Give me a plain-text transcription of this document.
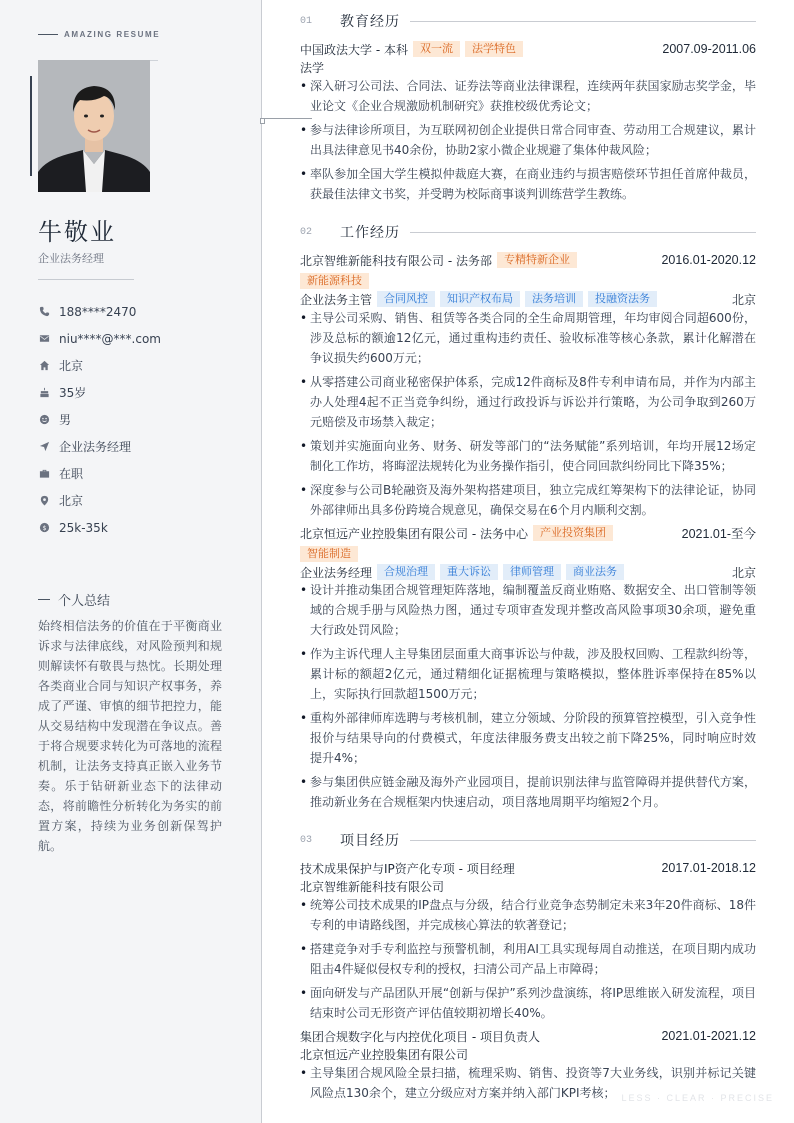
AMAZING RESUME
牛敬业
企业法务经理
188****2470
niu****@***.com
北京
35岁
男
企业法务经理
在职
北京
$ 25k-35k
个人总结

始终相信法务的价值在于平衡商业诉求与法律底线，对风险预判和规则解读怀有敬畏与热忱。长期处理各类商业合同与知识产权事务，养成了严谨、审慎的细节把控力，能从交易结构中发现潜在争议点。善于将合规要求转化为可落地的流程机制，让法务支持真正嵌入业务节奏。乐于钻研新业态下的法律动态，将前瞻性分析转化为务实的前置方案，持续为业务创新保驾护航。

01	教育经历
中国政法大学 - 本科	双一流	法学特色	2007.09-2011.06
法学
• 深入研习公司法、合同法、证券法等商业法律课程，连续两年获国家励志奖学金，毕业论文《企业合规激励机制研究》获推校级优秀论文；
• 参与法律诊所项目，为互联网初创企业提供日常合同审查、劳动用工合规建议，累计出具法律意见书40余份，协助2家小微企业规避了集体仲裁风险；
• 率队参加全国大学生模拟仲裁庭大赛，在商业违约与损害赔偿环节担任首席仲裁员，获最佳法律文书奖，并受聘为校际商事谈判训练营学生教练。
02	工作经历
北京智维新能科技有限公司 - 法务部	专精特新企业	2016.01-2020.12
新能源科技
企业法务主管	合同风控	知识产权布局	法务培训	投融资法务	北京
• 主导公司采购、销售、租赁等各类合同的全生命周期管理，年均审阅合同超600份，涉及总标的额逾12亿元，通过重构违约责任、验收标准等核心条款，累计化解潜在争议损失约600万元；
• 从零搭建公司商业秘密保护体系，完成12件商标及8件专利申请布局，并作为内部主办人处理4起不正当竞争纠纷，通过行政投诉与诉讼并行策略，为公司争取到260万元赔偿及市场禁入裁定；
• 策划并实施面向业务、财务、研发等部门的“法务赋能”系列培训，年均开展12场定制化工作坊，将晦涩法规转化为业务操作指引，使合同回款纠纷同比下降35%；
• 深度参与公司B轮融资及海外架构搭建项目，独立完成红筹架构下的法律论证，协同外部律师出具多份跨境合规意见，确保交易在6个月内顺利交割。
北京恒远产业控股集团有限公司 - 法务中心	产业投资集团	2021.01-至今
智能制造
企业法务经理	合规治理	重大诉讼	律师管理	商业法务	北京
• 设计并推动集团合规管理矩阵落地，编制覆盖反商业贿赂、数据安全、出口管制等领域的合规手册与风险热力图，通过专项审查发现并整改高风险事项30余项，避免重大行政处罚风险；
• 作为主诉代理人主导集团层面重大商事诉讼与仲裁，涉及股权回购、工程款纠纷等，累计标的额超2亿元，通过精细化证据梳理与策略模拟，整体胜诉率保持在85%以上，实际执行回款超1500万元；
• 重构外部律师库选聘与考核机制，建立分领域、分阶段的预算管控模型，引入竞争性报价与结果导向的付费模式，年度法律服务费支出较之前下降25%，同时响应时效提升4%；
• 参与集团供应链金融及海外产业园项目，提前识别法律与监管障碍并提供替代方案，推动新业务在合规框架内快速启动，项目落地周期平均缩短2个月。
03	项目经历
技术成果保护与IP资产化专项 - 项目经理	2017.01-2018.12
北京智维新能科技有限公司
• 统筹公司技术成果的IP盘点与分级，结合行业竞争态势制定未来3年20件商标、18件专利的申请路线图，并完成核心算法的软著登记；
• 搭建竞争对手专利监控与预警机制，利用AI工具实现每周自动推送，在项目期内成功阻击4件疑似侵权专利的授权，扫清公司产品上市障碍；
• 面向研发与产品团队开展“创新与保护”系列沙盘演练，将IP思维嵌入研发流程，项目结束时公司无形资产评估值较期初增长40%。
集团合规数字化与内控优化项目 - 项目负责人	2021.01-2021.12
北京恒远产业控股集团有限公司
• 主导集团合规风险全景扫描，梳理采购、销售、投资等7大业务线，识别并标记关键风险点130余个，建立分级应对方案并纳入部门KPI考核； LESS · CLEAR · PRECISE
